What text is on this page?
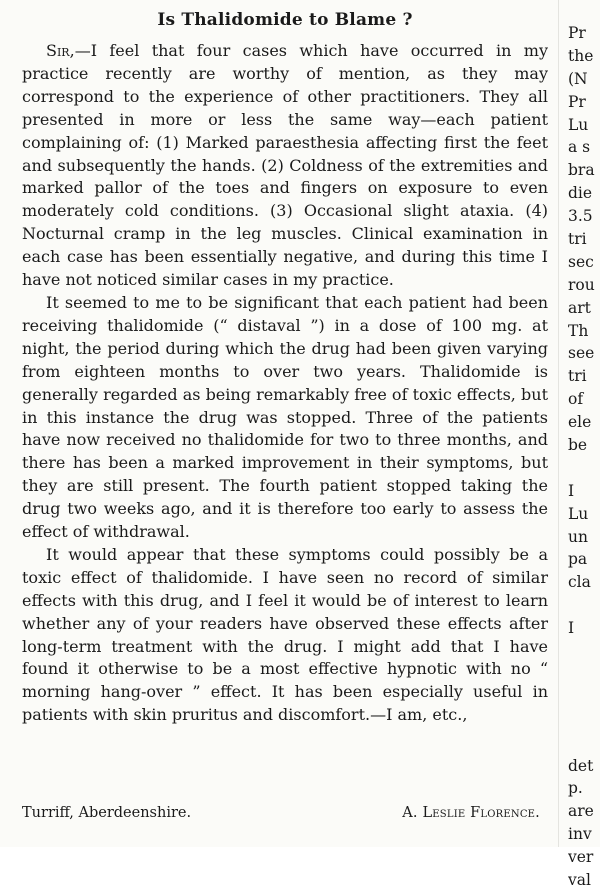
Is Thalidomide to Blame ?

Sir,—I feel that four cases which have occurred in my practice recently are worthy of mention, as they may correspond to the experience of other practitioners. They all presented in more or less the same way—each patient complaining of: (1) Marked paraesthesia affecting first the feet and subsequently the hands. (2) Coldness of the extremities and marked pallor of the toes and fingers on exposure to even moderately cold conditions. (3) Occasional slight ataxia. (4) Nocturnal cramp in the leg muscles. Clinical examination in each case has been essentially negative, and during this time I have not noticed similar cases in my practice.

It seemed to me to be significant that each patient had been receiving thalidomide (“ distaval ”) in a dose of 100 mg. at night, the period during which the drug had been given varying from eighteen months to over two years. Thalidomide is generally regarded as being remarkably free of toxic effects, but in this instance the drug was stopped. Three of the patients have now received no thalidomide for two to three months, and there has been a marked improvement in their symptoms, but they are still present. The fourth patient stopped taking the drug two weeks ago, and it is therefore too early to assess the effect of withdrawal.

It would appear that these symptoms could possibly be a toxic effect of thalidomide. I have seen no record of similar effects with this drug, and I feel it would be of interest to learn whether any of your readers have observed these effects after long-term treatment with the drug. I might add that I have found it otherwise to be a most effective hypnotic with no “ morning hang-over ” effect. It has been especially useful in patients with skin pruritus and discomfort.—I am, etc.,

Turriff, Aberdeenshire.	A. Leslie Florence.
Pr
the
(N
Pr
Lu
a s
bra
die
3.5
tri
sec
rou
art
Th
see
tri
of
ele
be
I
Lu
un
pa
cla
I
det
p.
are
inv
ver
val
